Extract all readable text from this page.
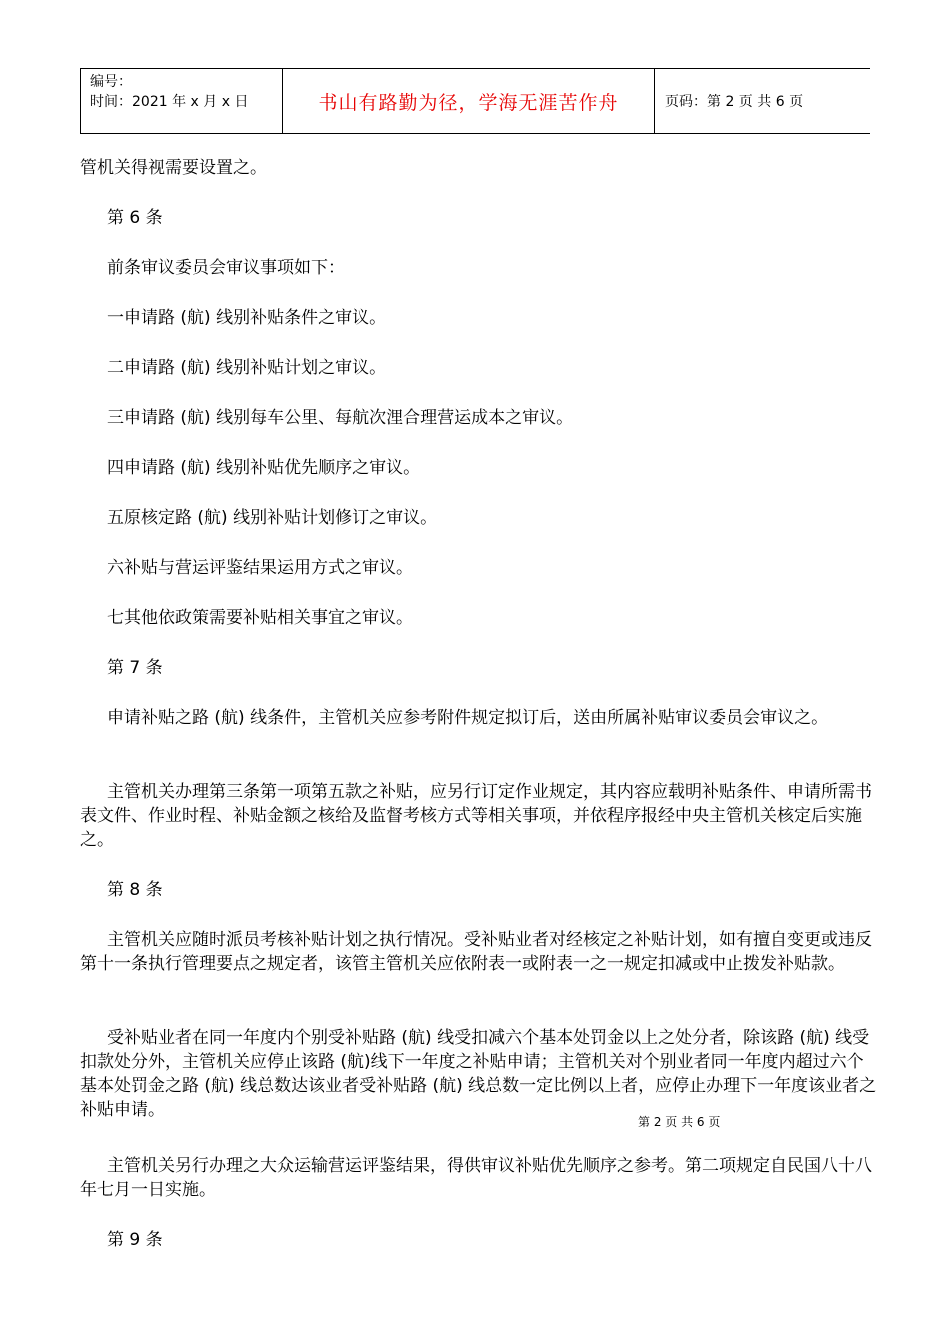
编号：
时间：2021 年 x 月 x 日	书山有路勤为径，学海无涯苦作舟	页码：第 2 页 共 6 页

管机关得视需要设置之。

第 6 条

前条审议委员会审议事项如下：

一申请路 (航) 线别补贴条件之审议。

二申请路 (航) 线别补贴计划之审议。

三申请路 (航) 线别每车公里、每航次浬合理营运成本之审议。

四申请路 (航) 线别补贴优先顺序之审议。

五原核定路 (航) 线别补贴计划修订之审议。

六补贴与营运评鉴结果运用方式之审议。

七其他依政策需要补贴相关事宜之审议。

第 7 条

申请补贴之路 (航) 线条件，主管机关应参考附件规定拟订后，送由所属补贴审议委员会审议之。

主管机关办理第三条第一项第五款之补贴，应另行订定作业规定，其内容应载明补贴条件、申请所需书表文件、作业时程、补贴金额之核给及监督考核方式等相关事项，并依程序报经中央主管机关核定后实施之。

第 8 条

主管机关应随时派员考核补贴计划之执行情况。受补贴业者对经核定之补贴计划，如有擅自变更或违反第十一条执行管理要点之规定者，该管主管机关应依附表一或附表一之一规定扣减或中止拨发补贴款。

受补贴业者在同一年度内个别受补贴路 (航) 线受扣减六个基本处罚金以上之处分者，除该路 (航) 线受扣款处分外，主管机关应停止该路 (航)线下一年度之补贴申请；主管机关对个别业者同一年度内超过六个基本处罚金之路 (航) 线总数达该业者受补贴路 (航) 线总数一定比例以上者，应停止办理下一年度该业者之补贴申请。

第 2 页 共 6 页

主管机关另行办理之大众运输营运评鉴结果，得供审议补贴优先顺序之参考。第二项规定自民国八十八年七月一日实施。

第 9 条
